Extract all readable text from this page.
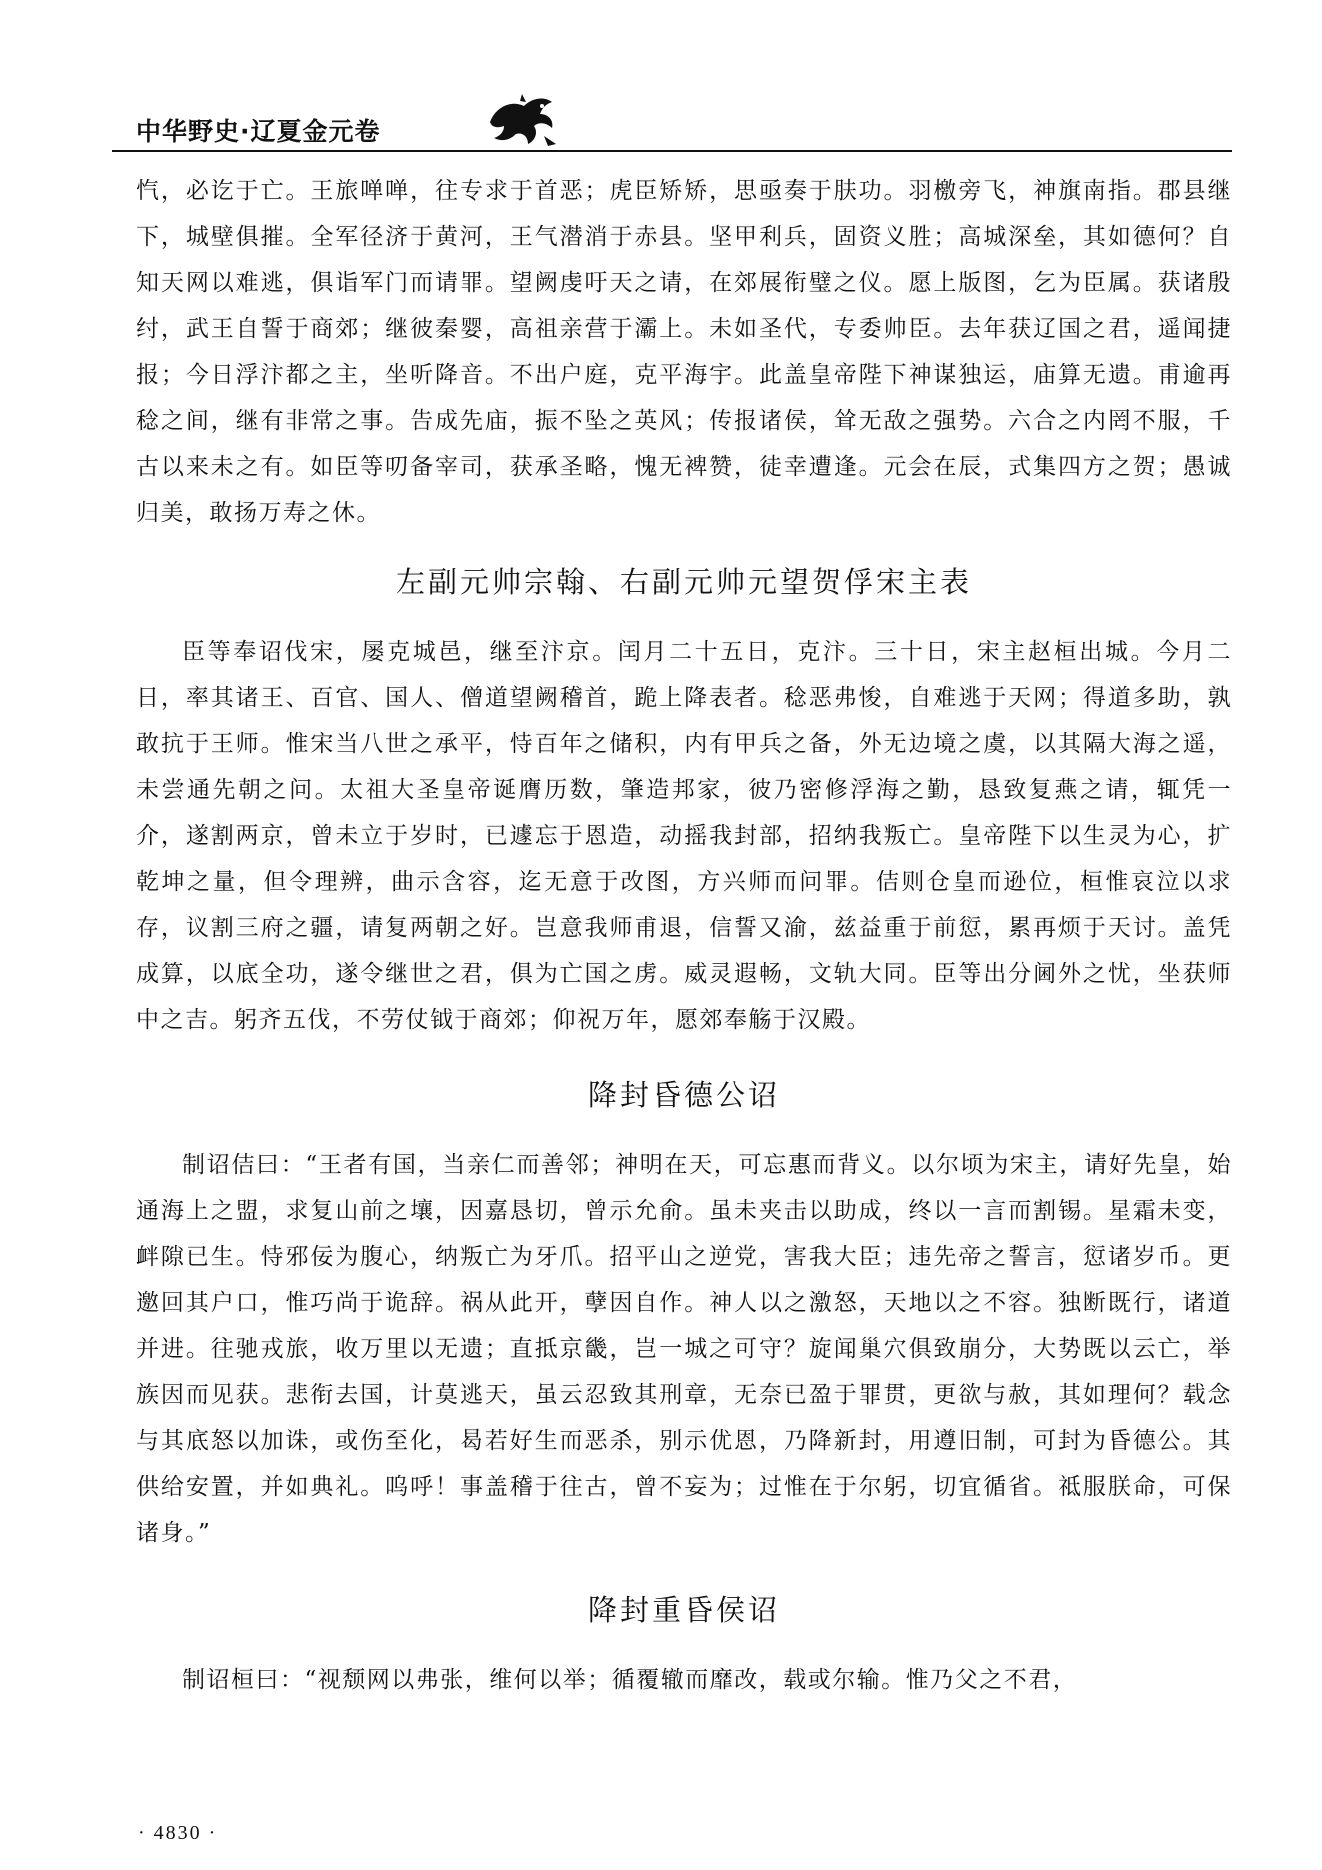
中华野史·辽夏金元卷

忾，必讫于亡。王旅啴啴，往专求于首恶；虎臣矫矫，思亟奏于肤功。羽檄旁飞，神旗南指。郡县继下，城壁俱摧。全军径济于黄河，王气潜消于赤县。坚甲利兵，固资义胜；高城深垒，其如德何？自知天网以难逃，俱诣军门而请罪。望阙虔吁天之请，在郊展衔璧之仪。愿上版图，乞为臣属。获诸殷纣，武王自誓于商郊；继彼秦婴，高祖亲营于灞上。未如圣代，专委帅臣。去年获辽国之君，遥闻捷报；今日浮汴都之主，坐听降音。不出户庭，克平海宇。此盖皇帝陛下神谋独运，庙算无遗。甫逾再稔之间，继有非常之事。告成先庙，振不坠之英风；传报诸侯，耸无敌之强势。六合之内罔不服，千古以来未之有。如臣等叨备宰司，获承圣略，愧无裨赞，徒幸遭逢。元会在辰，式集四方之贺；愚诚归美，敢扬万寿之休。

左副元帅宗翰、右副元帅元望贺俘宋主表

臣等奉诏伐宋，屡克城邑，继至汴京。闰月二十五日，克汴。三十日，宋主赵桓出城。今月二日，率其诸王、百官、国人、僧道望阙稽首，跪上降表者。稔恶弗悛，自难逃于天网；得道多助，孰敢抗于王师。惟宋当八世之承平，恃百年之储积，内有甲兵之备，外无边境之虞，以其隔大海之遥，未尝通先朝之问。太祖大圣皇帝诞膺历数，肇造邦家，彼乃密修浮海之勤，恳致复燕之请，辄凭一介，遂割两京，曾未立于岁时，已遽忘于恩造，动摇我封部，招纳我叛亡。皇帝陛下以生灵为心，扩乾坤之量，但令理辨，曲示含容，迄无意于改图，方兴师而问罪。佶则仓皇而逊位，桓惟哀泣以求存，议割三府之疆，请复两朝之好。岂意我师甫退，信誓又渝，兹益重于前愆，累再烦于天讨。盖凭成算，以底全功，遂令继世之君，俱为亡国之虏。威灵遐畅，文轨大同。臣等出分阃外之忧，坐获师中之吉。躬齐五伐，不劳仗钺于商郊；仰祝万年，愿郊奉觞于汉殿。

降封昏德公诏

制诏佶曰：“王者有国，当亲仁而善邻；神明在天，可忘惠而背义。以尔顷为宋主，请好先皇，始通海上之盟，求复山前之壤，因嘉恳切，曾示允俞。虽未夹击以助成，终以一言而割锡。星霜未变，衅隙已生。恃邪佞为腹心，纳叛亡为牙爪。招平山之逆党，害我大臣；违先帝之誓言，愆诸岁币。更邀回其户口，惟巧尚于诡辞。祸从此开，孽因自作。神人以之激怒，天地以之不容。独断既行，诸道并进。往驰戎旅，收万里以无遗；直抵京畿，岂一城之可守？旋闻巢穴俱致崩分，大势既以云亡，举族因而见获。悲衔去国，计莫逃天，虽云忍致其刑章，无奈已盈于罪贯，更欲与赦，其如理何？载念与其底怒以加诛，或伤至化，曷若好生而恶杀，别示优恩，乃降新封，用遵旧制，可封为昏德公。其供给安置，并如典礼。呜呼！事盖稽于往古，曾不妄为；过惟在于尔躬，切宜循省。祗服朕命，可保诸身。”

降封重昏侯诏

制诏桓曰：“视颓网以弗张，维何以举；循覆辙而靡改，载或尔输。惟乃父之不君，

· 4830 ·
